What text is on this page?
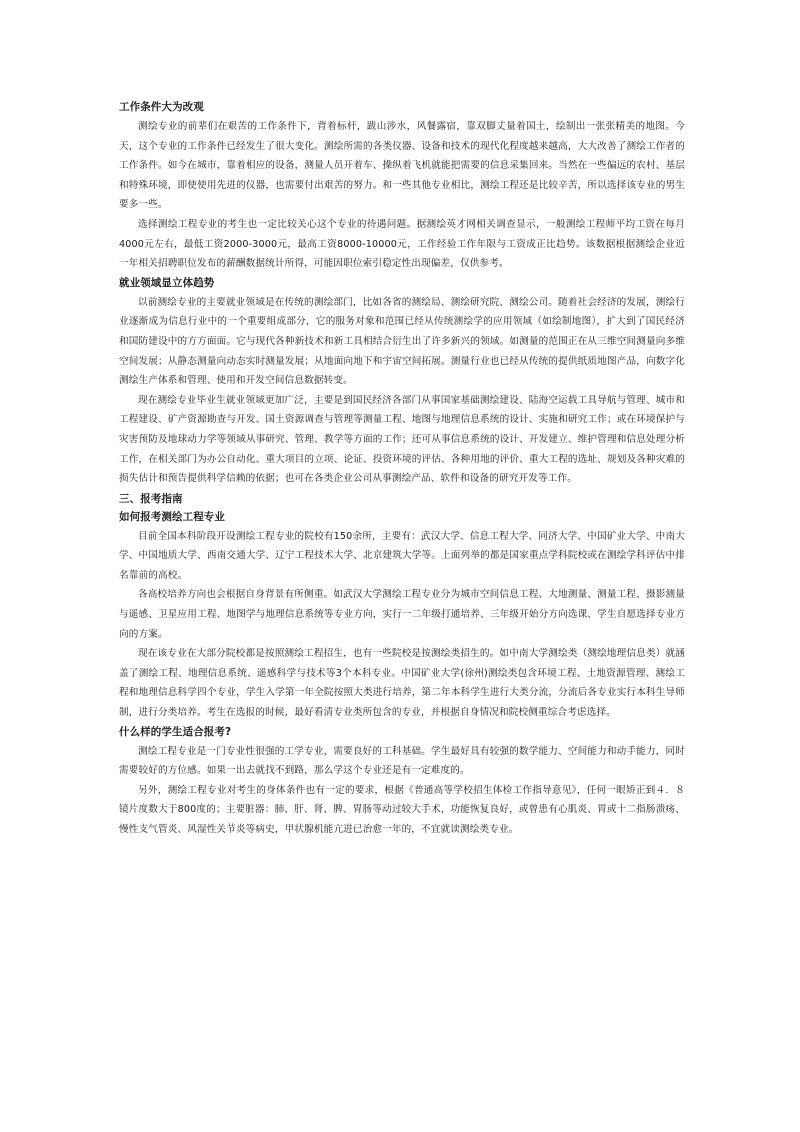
工作条件大为改观

测绘专业的前辈们在艰苦的工作条件下，背着标杆，跋山涉水，风餐露宿，靠双脚丈量着国土，绘制出一张张精美的地图。今天，这个专业的工作条件已经发生了很大变化。测绘所需的各类仪器、设备和技术的现代化程度越来越高，大大改善了测绘工作者的工作条件。如今在城市，靠着相应的设备，测量人员开着车、操纵着飞机就能把需要的信息采集回来。当然在一些偏远的农村、基层和特殊环境，即使使用先进的仪器，也需要付出艰苦的努力。和一些其他专业相比，测绘工程还是比较辛苦，所以选择该专业的男生要多一些。

选择测绘工程专业的考生也一定比较关心这个专业的待遇问题。据测绘英才网相关调查显示，一般测绘工程师平均工资在每月4000元左右，最低工资2000-3000元，最高工资8000-10000元，工作经验工作年限与工资成正比趋势。该数据根据测绘企业近一年相关招聘职位发布的薪酬数据统计所得，可能因职位索引稳定性出现偏差，仅供参考。

就业领域显立体趋势

以前测绘专业的主要就业领域是在传统的测绘部门，比如各省的测绘局、测绘研究院、测绘公司。随着社会经济的发展，测绘行业逐渐成为信息行业中的一个重要组成部分，它的服务对象和范围已经从传统测绘学的应用领域（如绘制地图），扩大到了国民经济和国防建设中的方方面面。它与现代各种新技术和新工具相结合衍生出了许多新兴的领域。如测量的范围正在从三维空间测量向多维空间发展；从静态测量向动态实时测量发展；从地面向地下和宇宙空间拓展。测量行业也已经从传统的提供纸质地图产品，向数字化测绘生产体系和管理、使用和开发空间信息数据转变。

现在测绘专业毕业生就业领域更加广泛，主要是到国民经济各部门从事国家基础测绘建设、陆海空运载工具导航与管理、城市和工程建设、矿产资源勘查与开发、国土资源调查与管理等测量工程、地图与地理信息系统的设计、实施和研究工作；或在环境保护与灾害预防及地球动力学等领域从事研究、管理、教学等方面的工作；还可从事信息系统的设计、开发建立、维护管理和信息处理分析工作，在相关部门为办公自动化、重大项目的立项、论证、投资环境的评估、各种用地的评价、重大工程的选址、规划及各种灾难的损失估计和预告提供科学信赖的依据；也可在各类企业公司从事测绘产品、软件和设备的研究开发等工作。

三、报考指南
如何报考测绘工程专业

目前全国本科阶段开设测绘工程专业的院校有150余所，主要有：武汉大学、信息工程大学、同济大学、中国矿业大学、中南大学、中国地质大学、西南交通大学、辽宁工程技术大学、北京建筑大学等。上面列举的都是国家重点学科院校或在测绘学科评估中排名靠前的高校。

各高校培养方向也会根据自身背景有所侧重。如武汉大学测绘工程专业分为城市空间信息工程、大地测量、测量工程、摄影测量与遥感、卫星应用工程、地图学与地理信息系统等专业方向，实行一二年级打通培养、三年级开始分方向选课、学生自愿选择专业方向的方案。

现在该专业在大部分院校都是按照测绘工程招生，也有一些院校是按测绘类招生的。如中南大学测绘类（测绘地理信息类）就涵盖了测绘工程、地理信息系统、遥感科学与技术等3个本科专业。中国矿业大学(徐州)测绘类包含环境工程、土地资源管理、测绘工程和地理信息科学四个专业，学生入学第一年全院按照大类进行培养，第二年本科学生进行大类分流，分流后各专业实行本科生导师制，进行分类培养。考生在选报的时候，最好看清专业类所包含的专业，并根据自身情况和院校侧重综合考虑选择。

什么样的学生适合报考?

测绘工程专业是一门专业性很强的工学专业，需要良好的工科基础。学生最好具有较强的数学能力、空间能力和动手能力，同时需要较好的方位感。如果一出去就找不到路，那么学这个专业还是有一定难度的。

另外，测绘工程专业对考生的身体条件也有一定的要求，根据《普通高等学校招生体检工作指导意见》，任何一眼矫正到４．８镜片度数大于800度的；主要脏器：肺、肝、肾、脾、胃肠等动过较大手术，功能恢复良好，或曾患有心肌炎、胃或十二指肠溃疡、慢性支气管炎、风湿性关节炎等病史，甲状腺机能亢进已治愈一年的，不宜就读测绘类专业。
